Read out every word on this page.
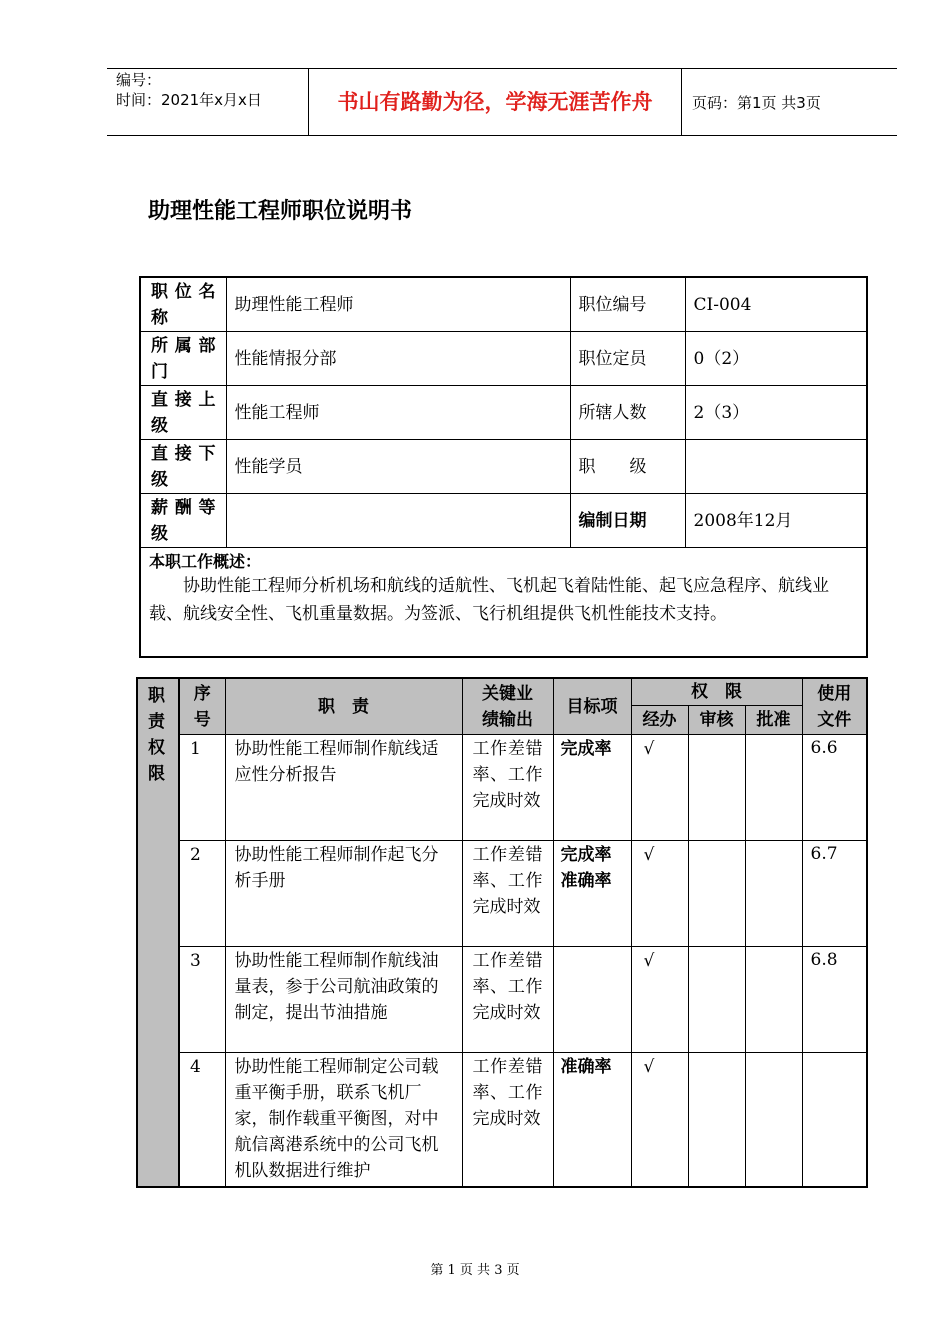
编号：
时间：2021年x月x日	书山有路勤为径，学海无涯苦作舟	页码：第1页 共3页
助理性能工程师职位说明书
职位名称	助理性能工程师	职位编号	CI-004
所属部门	性能情报分部	职位定员	0（2）
直接上级	性能工程师	所辖人数	2（3）
直接下级	性能学员	职　　级	
薪酬等级		编制日期	2008年12月

本职工作概述：
协助性能工程师分析机场和航线的适航性、飞机起飞着陆性能、起飞应急程序、航线业载、航线安全性、飞机重量数据。为签派、飞行机组提供飞机性能技术支持。			
职责权限	序号	职　责	关键业绩输出	目标项	权　限			使用文件
					经办	审核	批准	
	1	协助性能工程师制作航线适应性分析报告	工作差错率、工作完成时效	完成率	√			6.6
	2	协助性能工程师制作起飞分析手册	工作差错率、工作完成时效	完成率准确率	√			6.7
	3	协助性能工程师制作航线油量表，参于公司航油政策的制定，提出节油措施	工作差错率、工作完成时效		√			6.8
	4	协助性能工程师制定公司载重平衡手册，联系飞机厂家，制作载重平衡图，对中航信离港系统中的公司飞机机队数据进行维护	工作差错率、工作完成时效	准确率	√			
第 1 页 共 3 页
